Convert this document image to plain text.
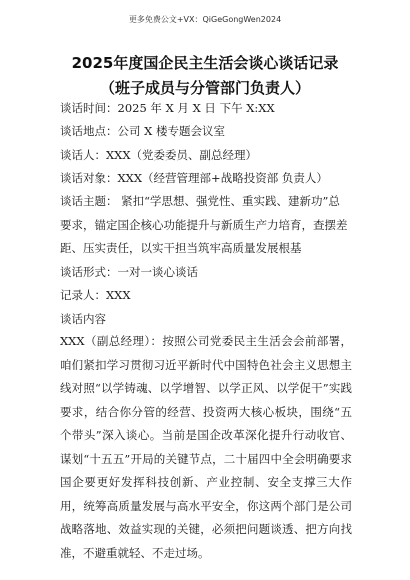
更多免费公文+VX：QiGeGongWen2024
2025年度国企民主生活会谈心谈话记录
（班子成员与分管部门负责人）
谈话时间：2025 年 X 月 X 日 下午 X:XX
谈话地点：公司 X 楼专题会议室
谈话人：XXX（党委委员、副总经理）
谈话对象：XXX（经营管理部+战略投资部 负责人）
谈话主题： 紧扣“学思想、强党性、重实践、建新功”总
要求，锚定国企核心功能提升与新质生产力培育，查摆差
距、压实责任，以实干担当筑牢高质量发展根基
谈话形式：一对一谈心谈话
记录人：XXX
谈话内容
XXX（副总经理）：按照公司党委民主生活会会前部署，咱们紧扣学习贯彻习近平新时代中国特色社会主义思想主线对照“以学铸魂、以学增智、以学正风、以学促干”实践要求，结合你分管的经营、投资两大核心板块，围绕“五个带头”深入谈心。当前是国企改革深化提升行动收官、谋划“十五五”开局的关键节点，二十届四中全会明确要求国企要更好发挥科技创新、产业控制、安全支撑三大作用，统筹高质量发展与高水平安全，你这两个部门是公司战略落地、效益实现的关键，必须把问题谈透、把方向找准，不避重就轻、不走过场。
